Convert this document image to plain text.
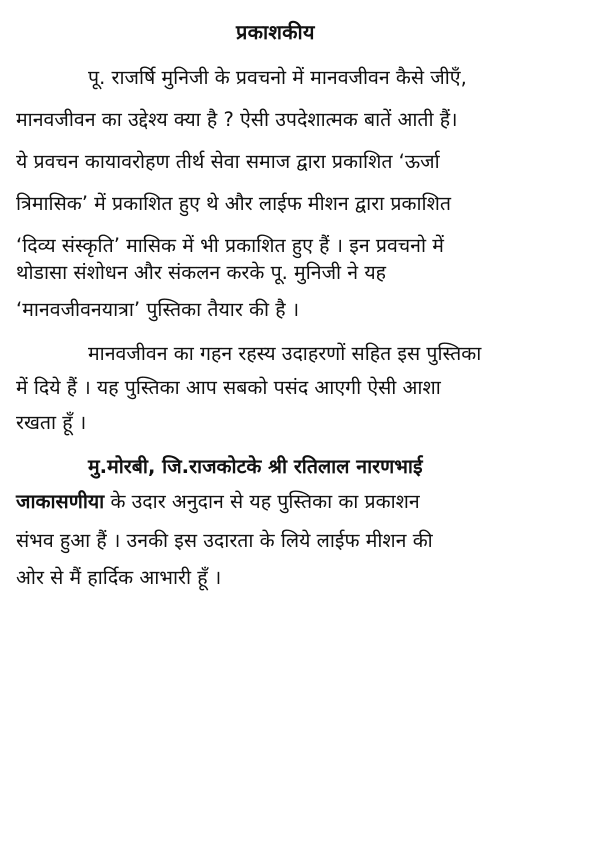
प्रकाशकीय
पू. राजर्षि मुनिजी के प्रवचनो में मानवजीवन कैसे जीएँ,
मानवजीवन का उद्देश्य क्या है ? ऐसी उपदेशात्मक बातें आती हैं।
ये प्रवचन कायावरोहण तीर्थ सेवा समाज द्वारा प्रकाशित ‘ऊर्जा
त्रिमासिक’ में प्रकाशित हुए थे और लाईफ मीशन द्वारा प्रकाशित
‘दिव्य संस्कृति’ मासिक में भी प्रकाशित हुए हैं । इन प्रवचनो में
थोडासा संशोधन और संकलन करके पू. मुनिजी ने यह
‘मानवजीवनयात्रा’ पुस्तिका तैयार की है ।
मानवजीवन का गहन रहस्य उदाहरणों सहित इस पुस्तिका
में दिये हैं । यह पुस्तिका आप सबको पसंद आएगी ऐसी आशा
रखता हूँ ।
मु.मोरबी, जि.राजकोटके श्री रतिलाल नारणभाई
जाकासणीया के उदार अनुदान से यह पुस्तिका का प्रकाशन
संभव हुआ हैं । उनकी इस उदारता के लिये लाईफ मीशन की
ओर से मैं हार्दिक आभारी हूँ ।
